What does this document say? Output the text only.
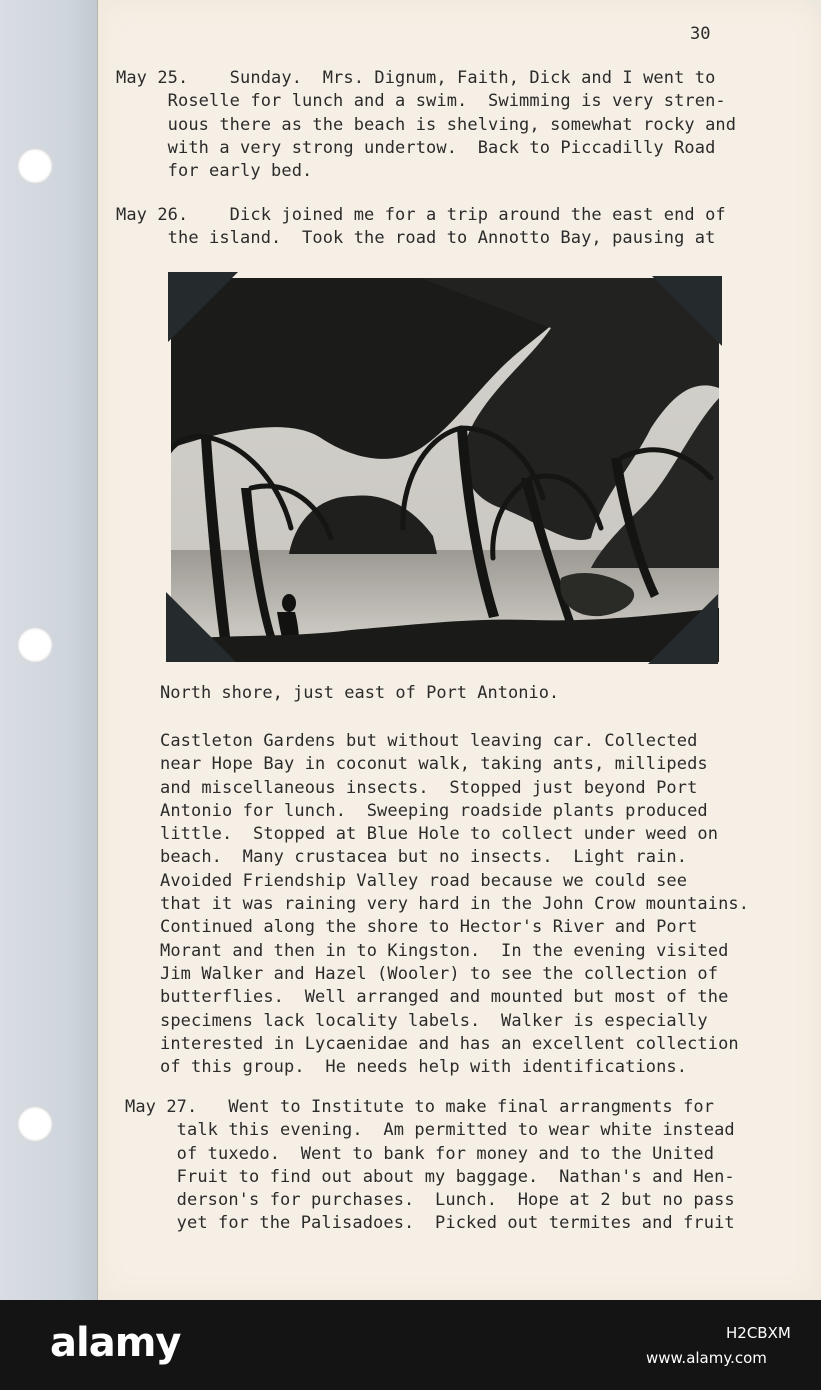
30
May 25.    Sunday.  Mrs. Dignum, Faith, Dick and I went to
Roselle for lunch and a swim.  Swimming is very stren-
uous there as the beach is shelving, somewhat rocky and
with a very strong undertow.  Back to Piccadilly Road
for early bed.
May 26.    Dick joined me for a trip around the east end of
the island.  Took the road to Annotto Bay, pausing at
North shore, just east of Port Antonio.
Castleton Gardens but without leaving car. Collected
near Hope Bay in coconut walk, taking ants, millipeds
and miscellaneous insects.  Stopped just beyond Port
Antonio for lunch.  Sweeping roadside plants produced
little.  Stopped at Blue Hole to collect under weed on
beach.  Many crustacea but no insects.  Light rain.
Avoided Friendship Valley road because we could see
that it was raining very hard in the John Crow mountains.
Continued along the shore to Hector's River and Port
Morant and then in to Kingston.  In the evening visited
Jim Walker and Hazel (Wooler) to see the collection of
butterflies.  Well arranged and mounted but most of the
specimens lack locality labels.  Walker is especially
interested in Lycaenidae and has an excellent collection
of this group.  He needs help with identifications.
May 27.   Went to Institute to make final arrangments for
talk this evening.  Am permitted to wear white instead
of tuxedo.  Went to bank for money and to the United
Fruit to find out about my baggage.  Nathan's and Hen-
derson's for purchases.  Lunch.  Hope at 2 but no pass
yet for the Palisadoes.  Picked out termites and fruit
alamy	H2CBXM
www.alamy.com
